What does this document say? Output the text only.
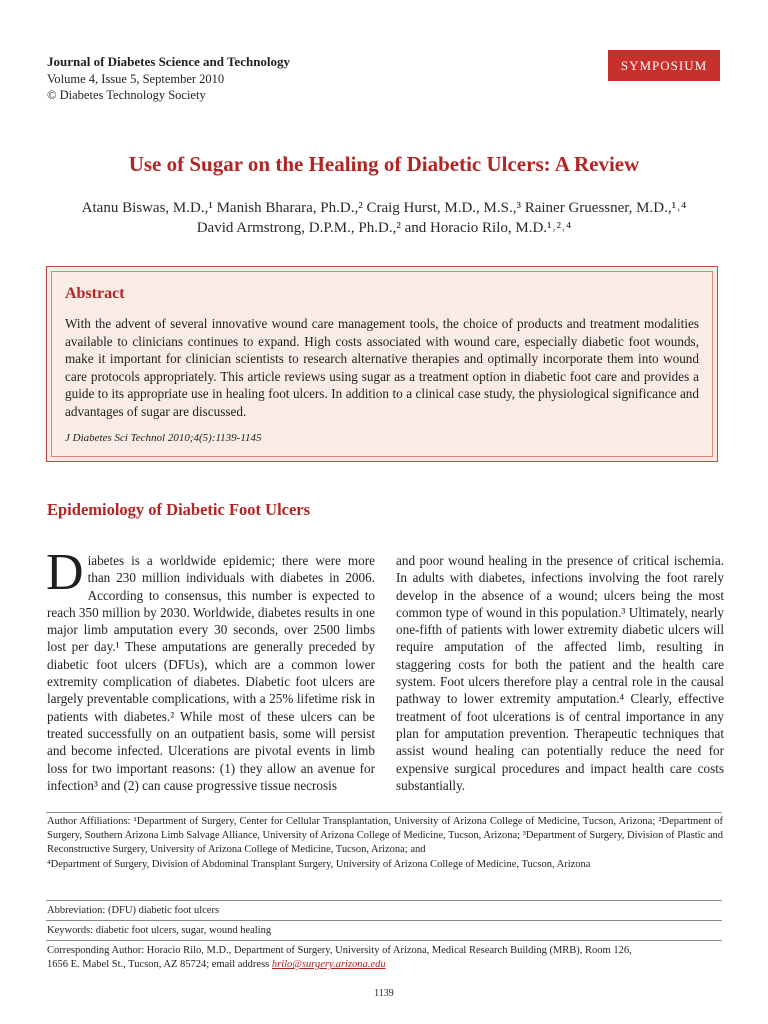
Journal of Diabetes Science and Technology
Volume 4, Issue 5, September 2010
© Diabetes Technology Society
SYMPOSIUM
Use of Sugar on the Healing of Diabetic Ulcers: A Review
Atanu Biswas, M.D.,¹ Manish Bharara, Ph.D.,² Craig Hurst, M.D., M.S.,³ Rainer Gruessner, M.D.,¹˒⁴
David Armstrong, D.P.M., Ph.D.,² and Horacio Rilo, M.D.¹˒²˒⁴
Abstract

With the advent of several innovative wound care management tools, the choice of products and treatment modalities available to clinicians continues to expand. High costs associated with wound care, especially diabetic foot wounds, make it important for clinician scientists to research alternative therapies and optimally incorporate them into wound care protocols appropriately. This article reviews using sugar as a treatment option in diabetic foot care and provides a guide to its appropriate use in healing foot ulcers. In addition to a clinical case study, the physiological significance and advantages of sugar are discussed.

J Diabetes Sci Technol 2010;4(5):1139-1145
Epidemiology of Diabetic Foot Ulcers

Diabetes is a worldwide epidemic; there were more than 230 million individuals with diabetes in 2006. According to consensus, this number is expected to reach 350 million by 2030. Worldwide, diabetes results in one major limb amputation every 30 seconds, over 2500 limbs lost per day.¹ These amputations are generally preceded by diabetic foot ulcers (DFUs), which are a common lower extremity complication of diabetes. Diabetic foot ulcers are largely preventable complications, with a 25% lifetime risk in patients with diabetes.² While most of these ulcers can be treated successfully on an outpatient basis, some will persist and become infected. Ulcerations are pivotal events in limb loss for two important reasons: (1) they allow an avenue for infection³ and (2) can cause progressive tissue necrosis

and poor wound healing in the presence of critical ischemia. In adults with diabetes, infections involving the foot rarely develop in the absence of a wound; ulcers being the most common type of wound in this population.³ Ultimately, nearly one-fifth of patients with lower extremity diabetic ulcers will require amputation of the affected limb, resulting in staggering costs for both the patient and the health care system. Foot ulcers therefore play a central role in the causal pathway to lower extremity amputation.⁴ Clearly, effective treatment of foot ulcerations is of central importance in any plan for amputation prevention. Therapeutic techniques that assist wound healing can potentially reduce the need for expensive surgical procedures and impact health care costs substantially.

Author Affiliations: ¹Department of Surgery, Center for Cellular Transplantation, University of Arizona College of Medicine, Tucson, Arizona; ²Department of Surgery, Southern Arizona Limb Salvage Alliance, University of Arizona College of Medicine, Tucson, Arizona; ³Department of Surgery, Division of Plastic and Reconstructive Surgery, University of Arizona College of Medicine, Tucson, Arizona; and
⁴Department of Surgery, Division of Abdominal Transplant Surgery, University of Arizona College of Medicine, Tucson, Arizona
Abbreviation: (DFU) diabetic foot ulcers
Keywords: diabetic foot ulcers, sugar, wound healing
Corresponding Author: Horacio Rilo, M.D., Department of Surgery, University of Arizona, Medical Research Building (MRB), Room 126,
1656 E. Mabel St., Tucson, AZ 85724; email address hrilo@surgery.arizona.edu
1139
